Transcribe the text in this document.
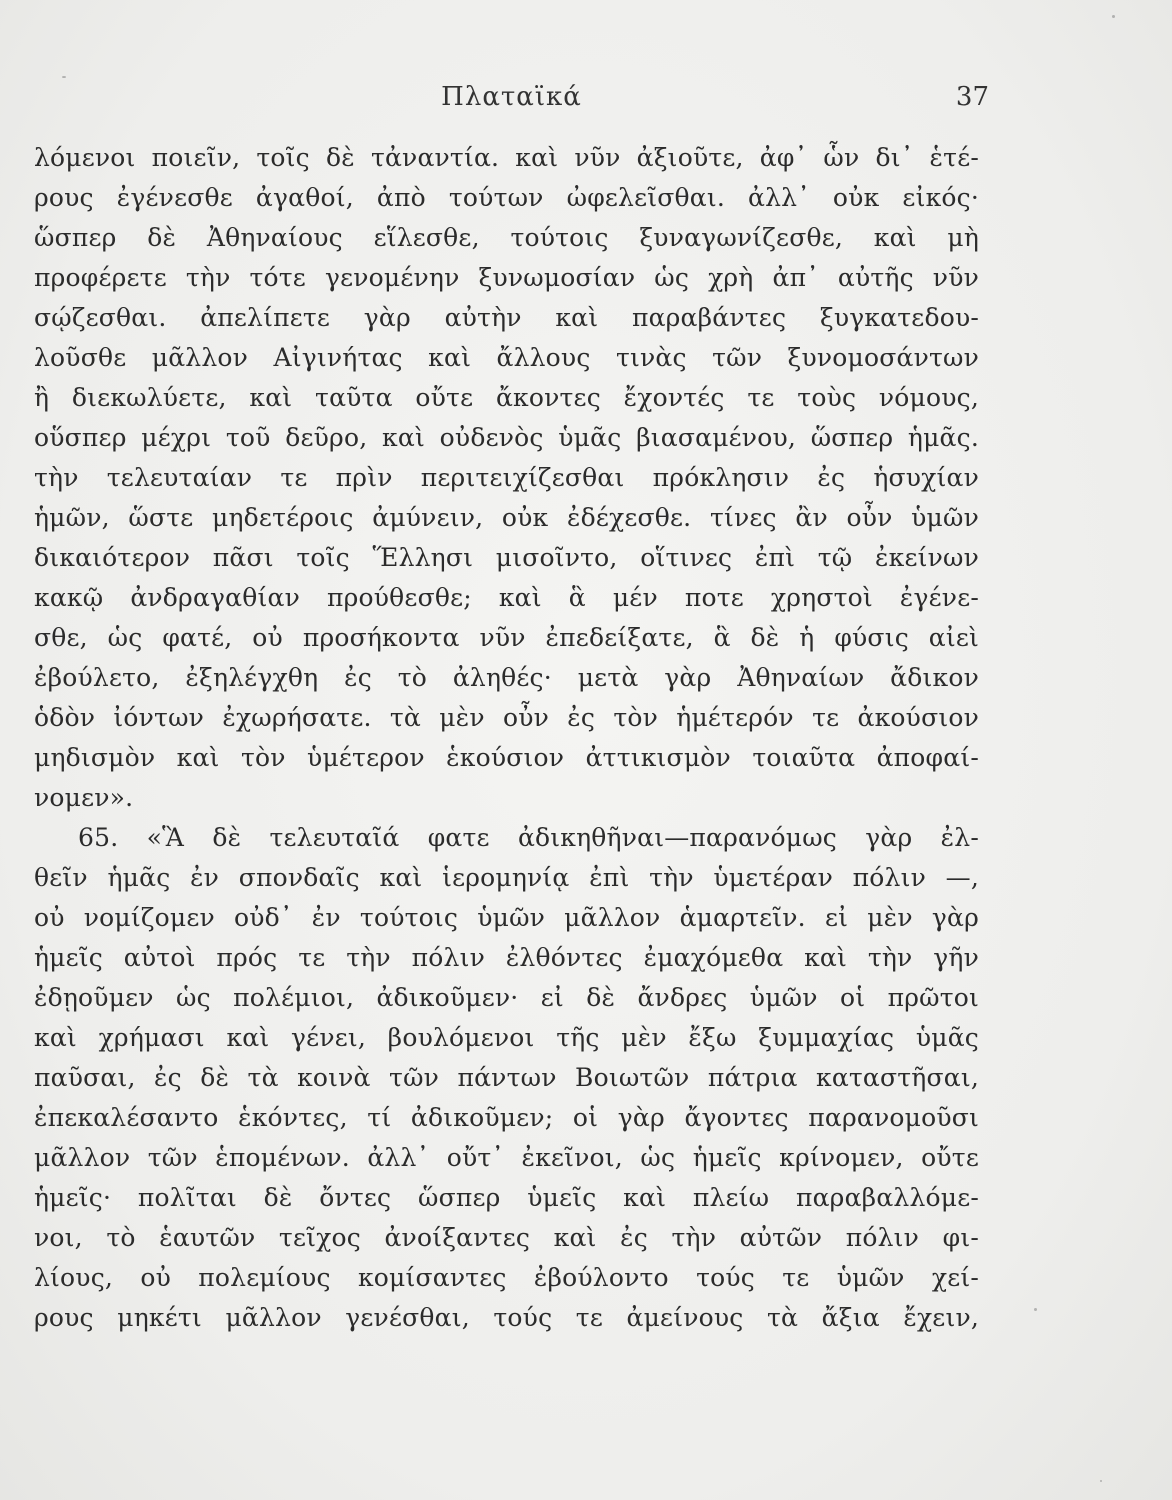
Πλαταϊκά	37
λόμενοι ποιεῖν, τοῖς δὲ τἀναντία. καὶ νῦν ἀξιοῦτε, ἀφ᾽ ὧν δι᾽ ἑτέ-
ρους ἐγένεσθε ἀγαθοί, ἀπὸ τούτων ὠφελεῖσθαι. ἀλλ᾽ οὐκ εἰκός·
ὥσπερ δὲ Ἀθηναίους εἵλεσθε, τούτοις ξυναγωνίζεσθε, καὶ μὴ
προφέρετε τὴν τότε γενομένην ξυνωμοσίαν ὡς χρὴ ἀπ᾽ αὐτῆς νῦν
σῴζεσθαι. ἀπελίπετε γὰρ αὐτὴν καὶ παραβάντες ξυγκατεδου-
λοῦσθε μᾶλλον Αἰγινήτας καὶ ἄλλους τινὰς τῶν ξυνομοσάντων
ἢ διεκωλύετε, καὶ ταῦτα οὔτε ἄκοντες ἔχοντές τε τοὺς νόμους,
οὕσπερ μέχρι τοῦ δεῦρο, καὶ οὐδενὸς ὑμᾶς βιασαμένου, ὥσπερ ἡμᾶς.
τὴν τελευταίαν τε πρὶν περιτειχίζεσθαι πρόκλησιν ἐς ἡσυχίαν
ἡμῶν, ὥστε μηδετέροις ἀμύνειν, οὐκ ἐδέχεσθε. τίνες ἂν οὖν ὑμῶν
δικαιότερον πᾶσι τοῖς Ἕλλησι μισοῖντο, οἵτινες ἐπὶ τῷ ἐκείνων
κακῷ ἀνδραγαθίαν προύθεσθε; καὶ ἃ μέν ποτε χρηστοὶ ἐγένε-
σθε, ὡς φατέ, οὐ προσήκοντα νῦν ἐπεδείξατε, ἃ δὲ ἡ φύσις αἰεὶ
ἐβούλετο, ἐξηλέγχθη ἐς τὸ ἀληθές· μετὰ γὰρ Ἀθηναίων ἄδικον
ὁδὸν ἰόντων ἐχωρήσατε. τὰ μὲν οὖν ἐς τὸν ἡμέτερόν τε ἀκούσιον
μηδισμὸν καὶ τὸν ὑμέτερον ἑκούσιον ἀττικισμὸν τοιαῦτα ἀποφαί-
νομεν».
65. «Ἃ δὲ τελευταῖά φατε ἀδικηθῆναι—παρανόμως γὰρ ἐλ-
θεῖν ἡμᾶς ἐν σπονδαῖς καὶ ἱερομηνίᾳ ἐπὶ τὴν ὑμετέραν πόλιν —,
οὐ νομίζομεν οὐδ᾽ ἐν τούτοις ὑμῶν μᾶλλον ἁμαρτεῖν. εἰ μὲν γὰρ
ἡμεῖς αὐτοὶ πρός τε τὴν πόλιν ἐλθόντες ἐμαχόμεθα καὶ τὴν γῆν
ἐδῃοῦμεν ὡς πολέμιοι, ἀδικοῦμεν· εἰ δὲ ἄνδρες ὑμῶν οἱ πρῶτοι
καὶ χρήμασι καὶ γένει, βουλόμενοι τῆς μὲν ἔξω ξυμμαχίας ὑμᾶς
παῦσαι, ἐς δὲ τὰ κοινὰ τῶν πάντων Βοιωτῶν πάτρια καταστῆσαι,
ἐπεκαλέσαντο ἑκόντες, τί ἀδικοῦμεν; οἱ γὰρ ἄγοντες παρανομοῦσι
μᾶλλον τῶν ἑπομένων. ἀλλ᾽ οὔτ᾽ ἐκεῖνοι, ὡς ἡμεῖς κρίνομεν, οὔτε
ἡμεῖς· πολῖται δὲ ὄντες ὥσπερ ὑμεῖς καὶ πλείω παραβαλλόμε-
νοι, τὸ ἑαυτῶν τεῖχος ἀνοίξαντες καὶ ἐς τὴν αὐτῶν πόλιν φι-
λίους, οὐ πολεμίους κομίσαντες ἐβούλοντο τούς τε ὑμῶν χεί-
ρους μηκέτι μᾶλλον γενέσθαι, τούς τε ἀμείνους τὰ ἄξια ἔχειν,
